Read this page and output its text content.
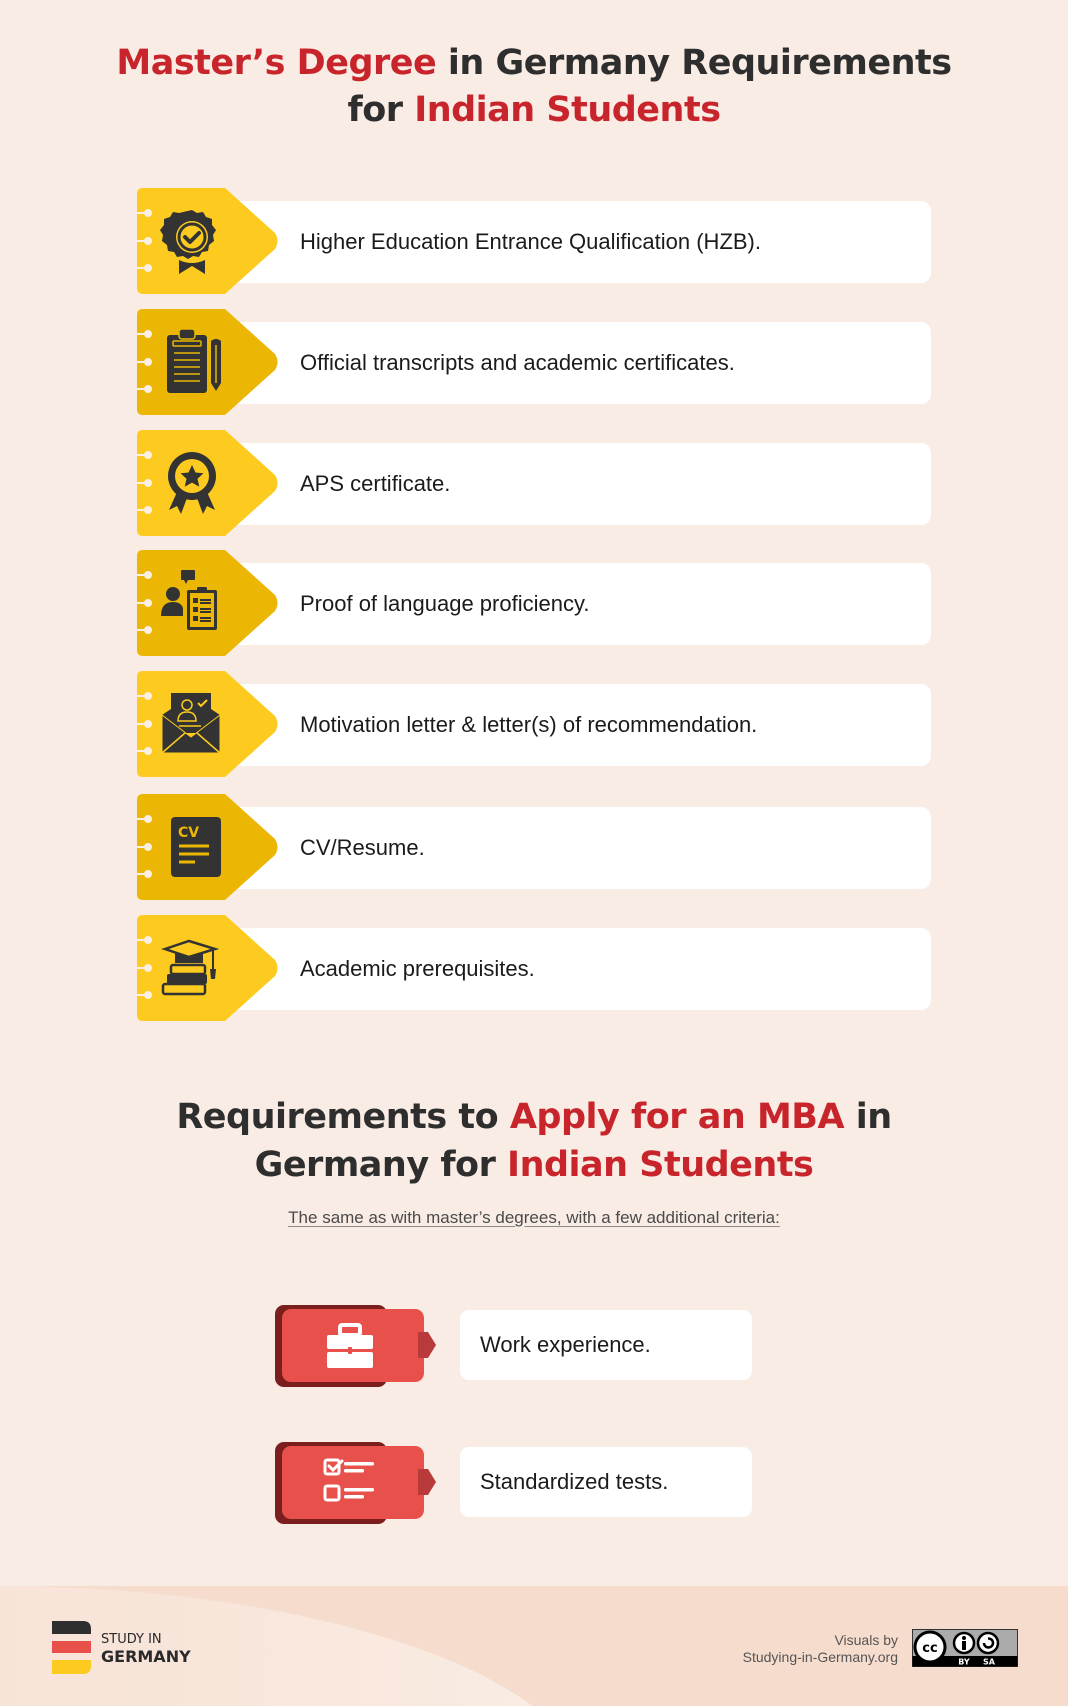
Master’s Degree in Germany Requirements
for Indian Students
Higher Education Entrance Qualification (HZB).
Official transcripts and academic certificates.
APS certificate.
Proof of language proficiency.
Motivation letter & letter(s) of recommendation.
CV
CV/Resume.
Academic prerequisites.
Requirements to Apply for an MBA in
Germany for Indian Students
The same as with master’s degrees, with a few additional criteria:
Work experience.
Standardized tests.
STUDY IN
GERMANY
Visuals by
Studying-in-Germany.org
cc
BY SA
